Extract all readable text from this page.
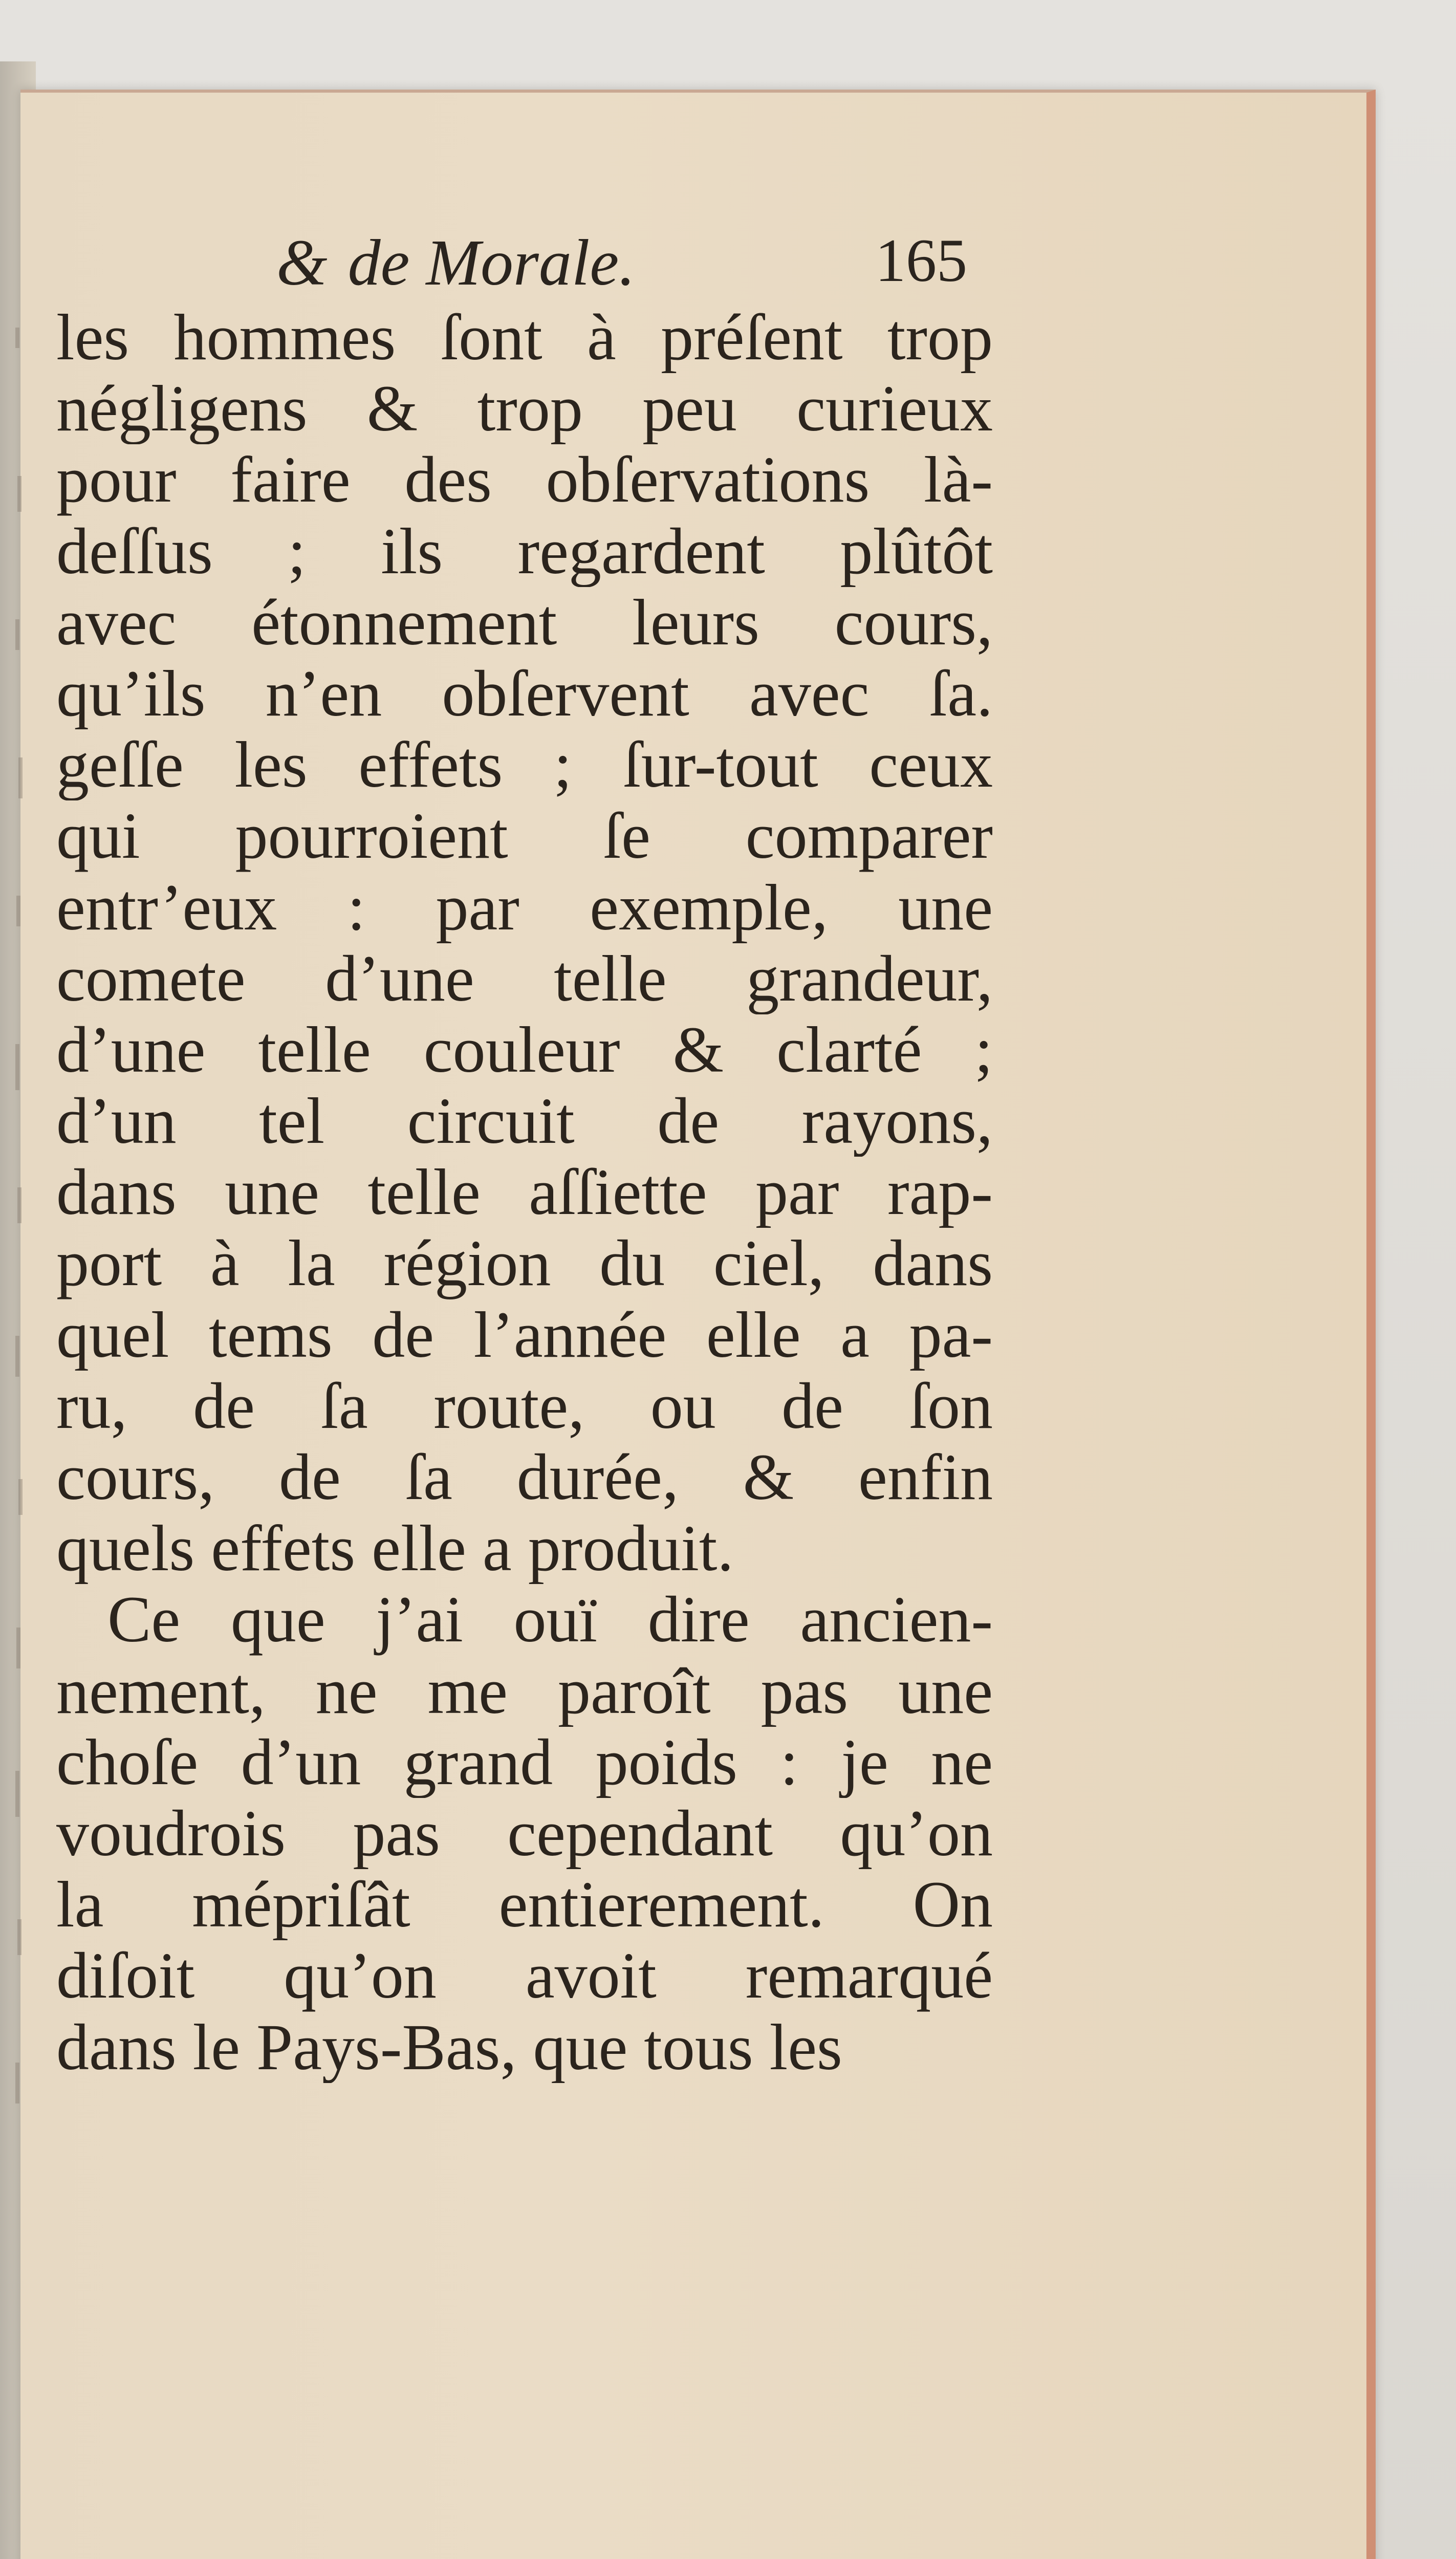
& de Morale.	165
les hommes ſont à préſent trop
négligens & trop peu curieux
pour faire des obſervations là-
deſſus ; ils regardent plûtôt
avec étonnement leurs cours,
qu’ils n’en obſervent avec ſa.
geſſe les effets ; ſur-tout ceux
qui pourroient ſe comparer
entr’eux : par exemple, une
comete d’une telle grandeur,
d’une telle couleur & clarté ;
d’un tel circuit de rayons,
dans une telle aſſiette par rap-
port à la région du ciel, dans
quel tems de l’année elle a pa-
ru, de ſa route, ou de ſon
cours, de ſa durée, & enfin
quels effets elle a produit.
Ce que j’ai ouï dire ancien-
nement, ne me paroît pas une
choſe d’un grand poids : je ne
voudrois pas cependant qu’on
la mépriſât entierement. On
diſoit qu’on avoit remarqué
dans le Pays-Bas, que tous les
